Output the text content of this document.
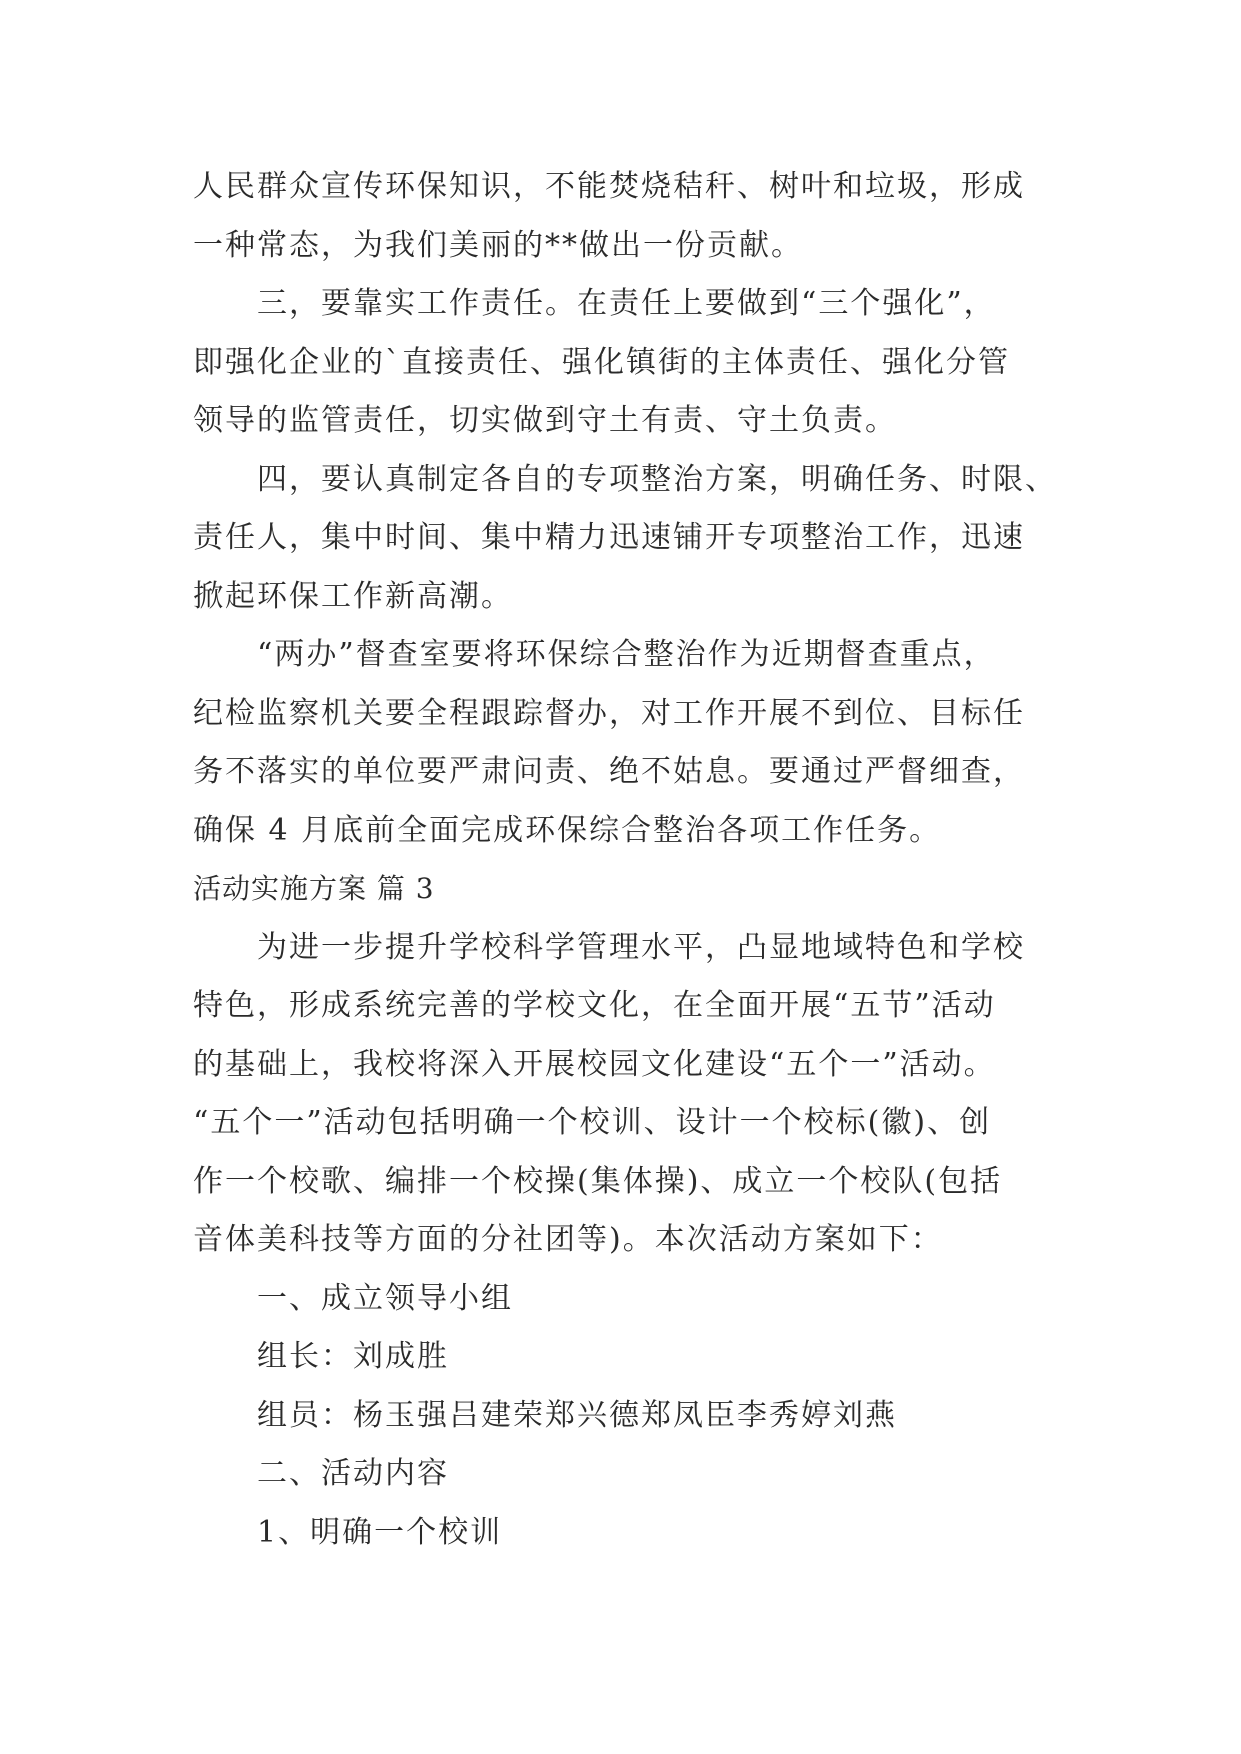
人民群众宣传环保知识，不能焚烧秸秆、树叶和垃圾，形成

一种常态，为我们美丽的**做出一份贡献。

三，要靠实工作责任。在责任上要做到“三个强化”，

即强化企业的`直接责任、强化镇街的主体责任、强化分管

领导的监管责任，切实做到守土有责、守土负责。

四，要认真制定各自的专项整治方案，明确任务、时限、

责任人，集中时间、集中精力迅速铺开专项整治工作，迅速

掀起环保工作新高潮。

“两办”督查室要将环保综合整治作为近期督查重点，

纪检监察机关要全程跟踪督办，对工作开展不到位、目标任

务不落实的单位要严肃问责、绝不姑息。要通过严督细查，

确保 4 月底前全面完成环保综合整治各项工作任务。

活动实施方案 篇 3

为进一步提升学校科学管理水平，凸显地域特色和学校

特色，形成系统完善的学校文化，在全面开展“五节”活动

的基础上，我校将深入开展校园文化建设“五个一”活动。

“五个一”活动包括明确一个校训、设计一个校标(徽)、创

作一个校歌、编排一个校操(集体操)、成立一个校队(包括

音体美科技等方面的分社团等)。本次活动方案如下：

一、成立领导小组

组长：刘成胜

组员：杨玉强吕建荣郑兴德郑凤臣李秀婷刘燕

二、活动内容

1、明确一个校训
